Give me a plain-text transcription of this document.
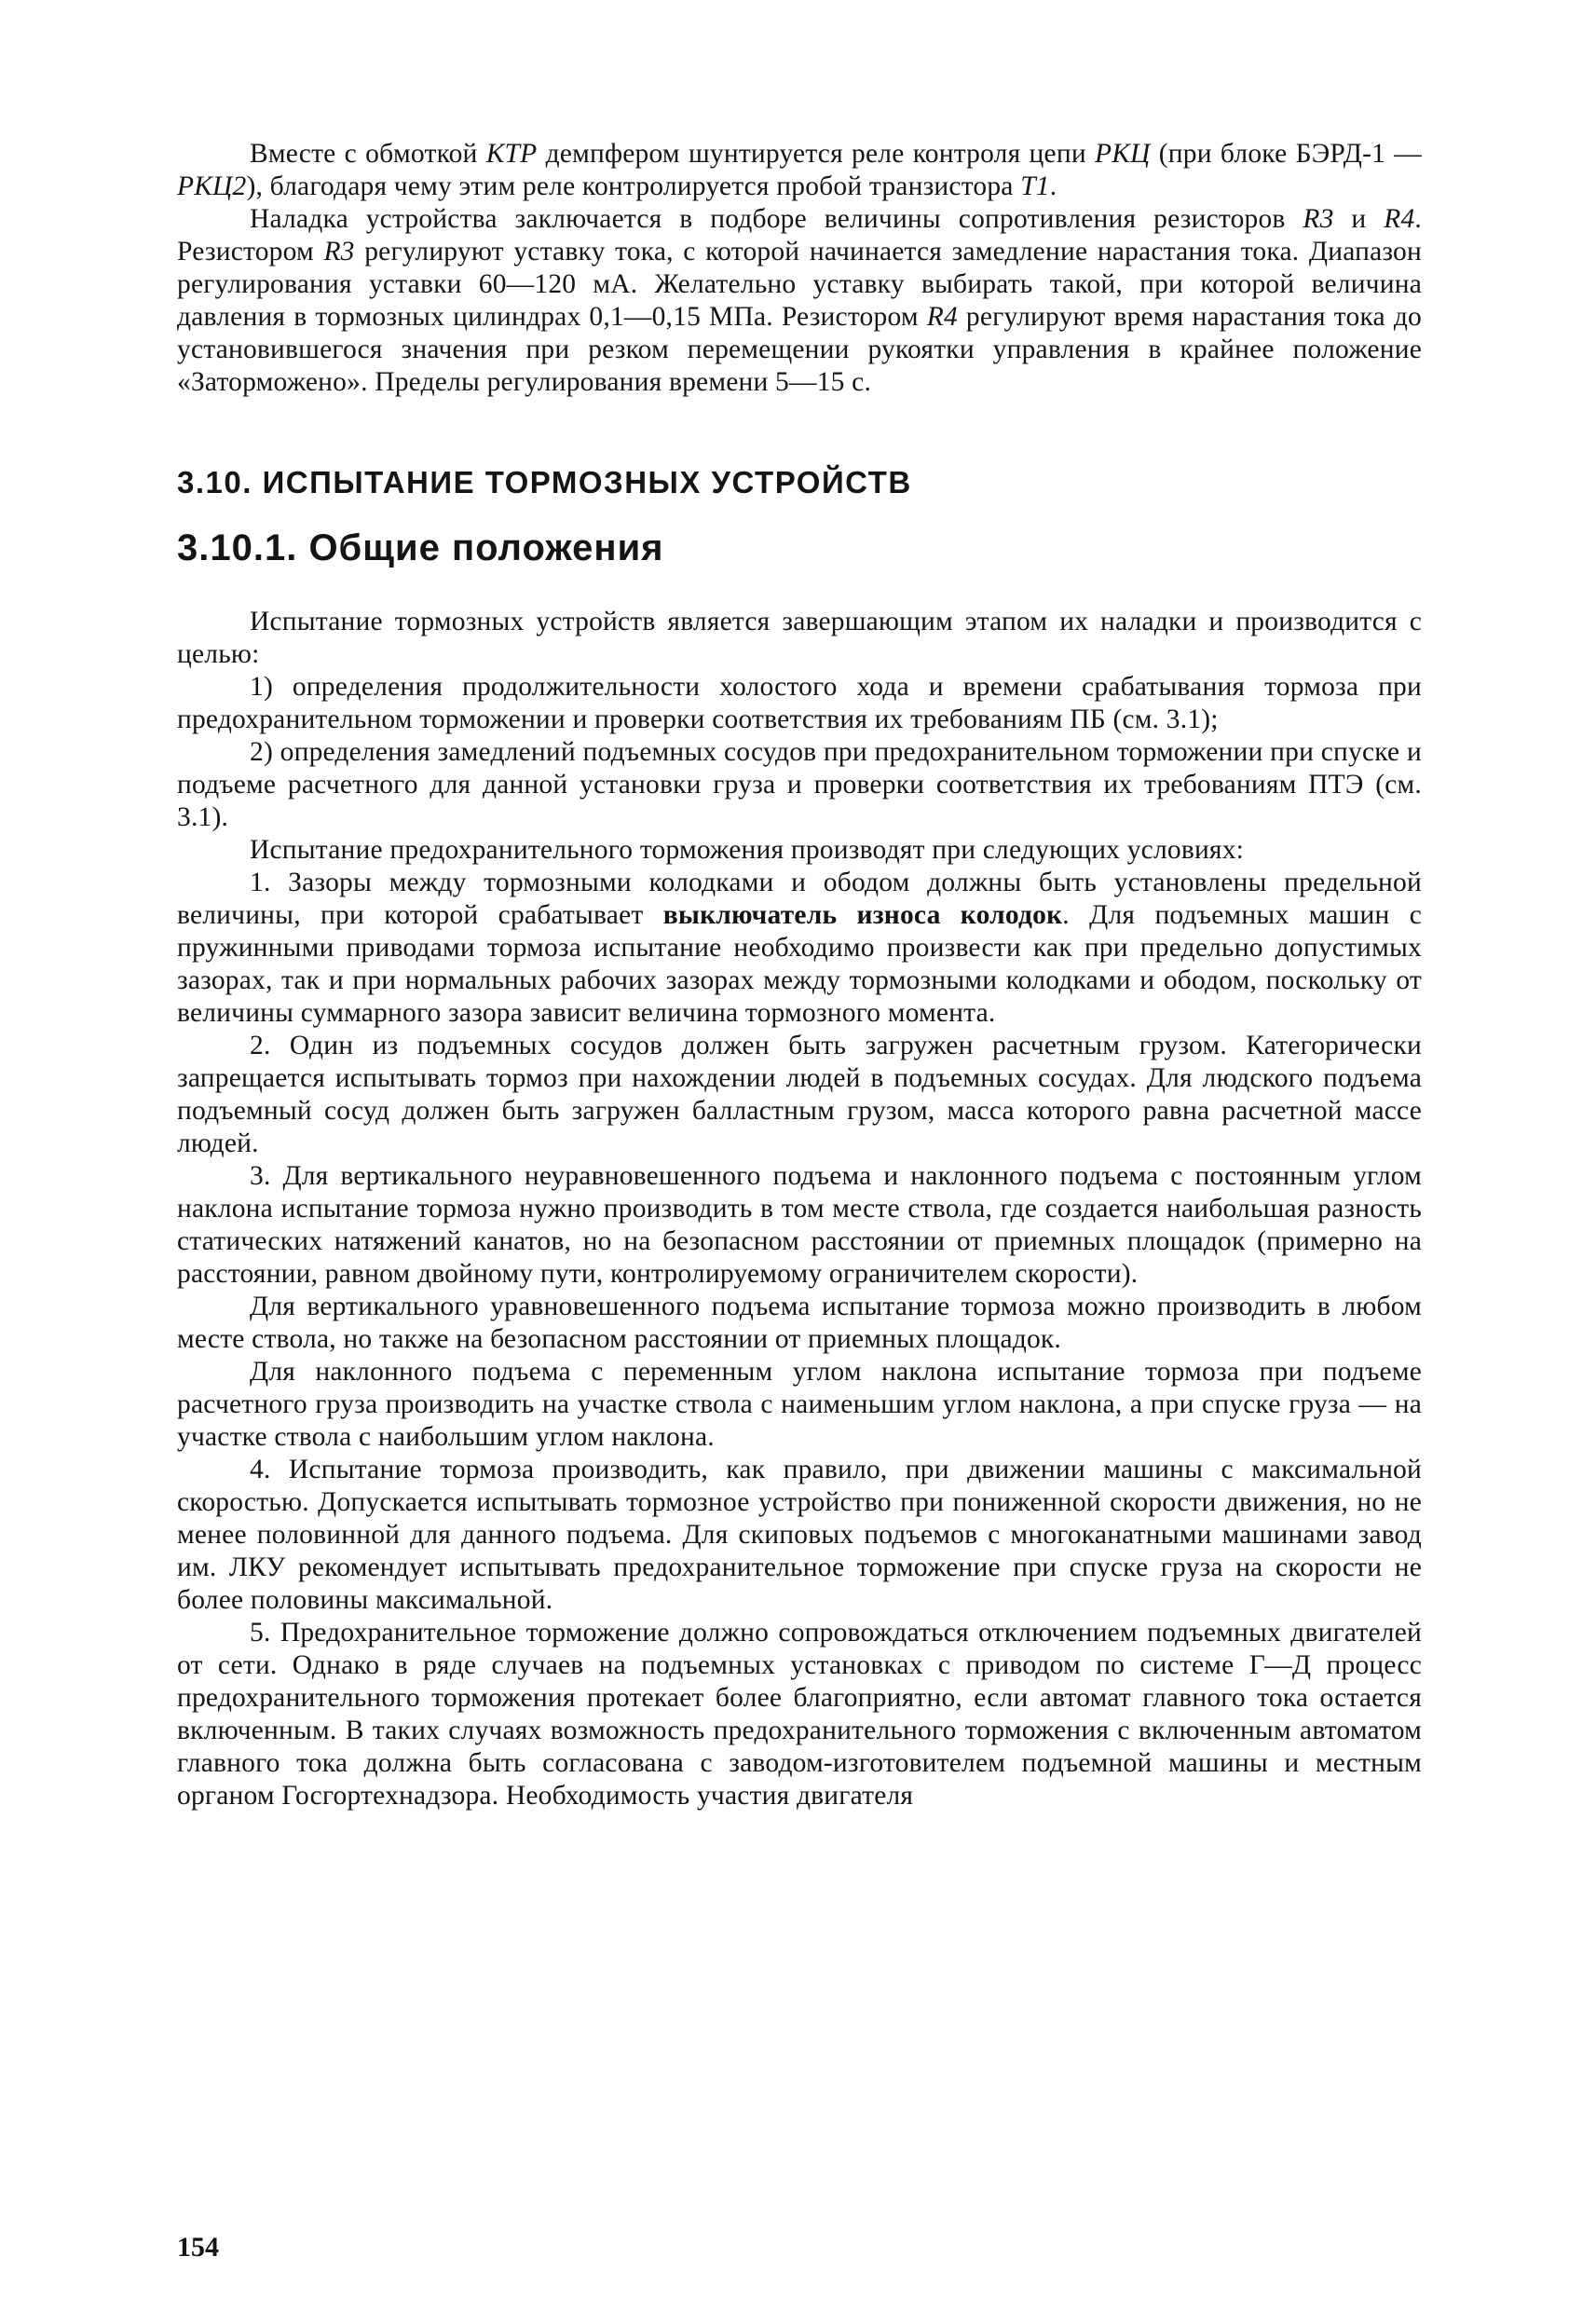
Вместе с обмоткой КТР демпфером шунтируется реле контроля цепи РКЦ (при блоке БЭРД-1 — РКЦ2), благодаря чему этим реле контролируется пробой транзистора Т1.

Наладка устройства заключается в подборе величины сопротивления резисторов R3 и R4. Резистором R3 регулируют уставку тока, с которой начинается замедление нарастания тока. Диапазон регулирования уставки 60—120 мА. Желательно уставку выбирать такой, при которой величина давления в тормозных цилиндрах 0,1—0,15 МПа. Резистором R4 регулируют время нарастания тока до установившегося значения при резком перемещении рукоятки управления в крайнее положение «Заторможено». Пределы регулирования времени 5—15 с.

3.10. ИСПЫТАНИЕ ТОРМОЗНЫХ УСТРОЙСТВ
3.10.1. Общие положения

Испытание тормозных устройств является завершающим этапом их наладки и производится с целью:

1) определения продолжительности холостого хода и времени срабатывания тормоза при предохранительном торможении и проверки соответствия их требованиям ПБ (см. 3.1);

2) определения замедлений подъемных сосудов при предохранительном торможении при спуске и подъеме расчетного для данной установки груза и проверки соответствия их требованиям ПТЭ (см. 3.1).

Испытание предохранительного торможения производят при следующих условиях:

1. Зазоры между тормозными колодками и ободом должны быть установлены предельной величины, при которой срабатывает выключатель износа колодок. Для подъемных машин с пружинными приводами тормоза испытание необходимо произвести как при предельно допустимых зазорах, так и при нормальных рабочих зазорах между тормозными колодками и ободом, поскольку от величины суммарного зазора зависит величина тормозного момента.

2. Один из подъемных сосудов должен быть загружен расчетным грузом. Категорически запрещается испытывать тормоз при нахождении людей в подъемных сосудах. Для людского подъема подъемный сосуд должен быть загружен балластным грузом, масса которого равна расчетной массе людей.

3. Для вертикального неуравновешенного подъема и наклонного подъема с постоянным углом наклона испытание тормоза нужно производить в том месте ствола, где создается наибольшая разность статических натяжений канатов, но на безопасном расстоянии от приемных площадок (примерно на расстоянии, равном двойному пути, контролируемому ограничителем скорости).

Для вертикального уравновешенного подъема испытание тормоза можно производить в любом месте ствола, но также на безопасном расстоянии от приемных площадок.

Для наклонного подъема с переменным углом наклона испытание тормоза при подъеме расчетного груза производить на участке ствола с наименьшим углом наклона, а при спуске груза — на участке ствола с наибольшим углом наклона.

4. Испытание тормоза производить, как правило, при движении машины с максимальной скоростью. Допускается испытывать тормозное устройство при пониженной скорости движения, но не менее половинной для данного подъема. Для скиповых подъемов с многоканатными машинами завод им. ЛКУ рекомендует испытывать предохранительное торможение при спуске груза на скорости не более половины максимальной.

5. Предохранительное торможение должно сопровождаться отключением подъемных двигателей от сети. Однако в ряде случаев на подъемных установках с приводом по системе Г—Д процесс предохранительного торможения протекает более благоприятно, если автомат главного тока остается включенным. В таких случаях возможность предохранительного торможения с включенным автоматом главного тока должна быть согласована с заводом-изготовителем подъемной машины и местным органом Госгортехнадзора. Необходимость участия двигателя

154
